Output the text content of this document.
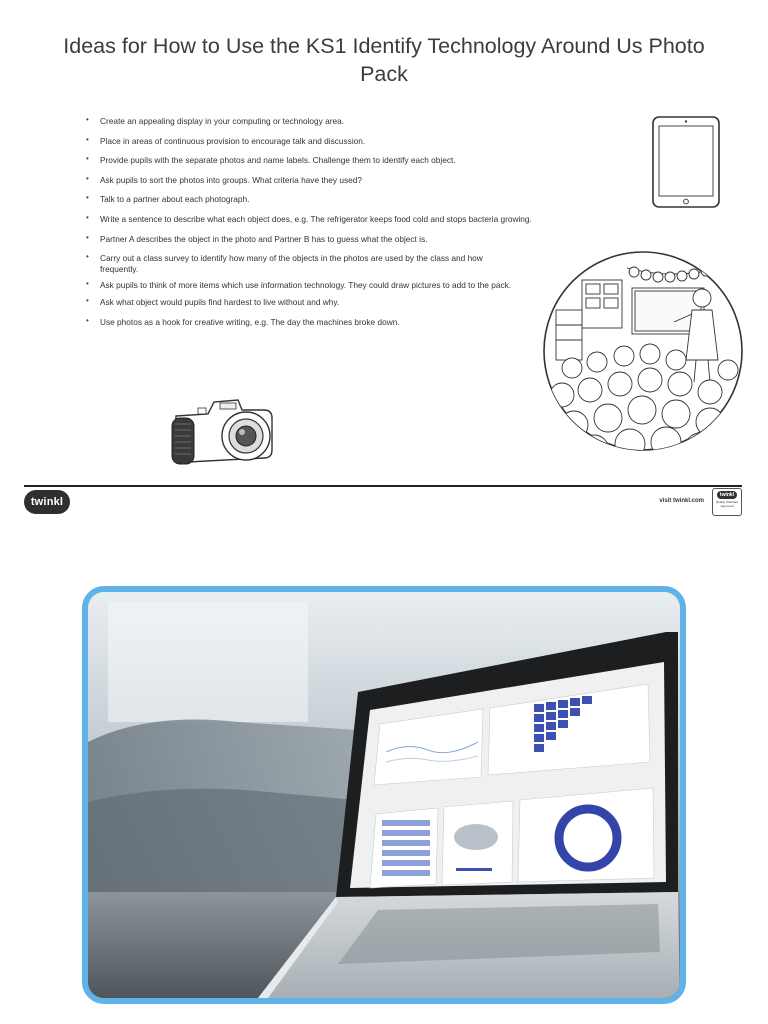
Ideas for How to Use the KS1 Identify Technology Around Us Photo Pack
• Create an appealing display in your computing or technology area.
• Place in areas of continuous provision to encourage talk and discussion.
• Provide pupils with the separate photos and name labels. Challenge them to identify each object.
• Ask pupils to sort the photos into groups. What criteria have they used?
• Talk to a partner about each photograph.
• Write a sentence to describe what each object does, e.g. The refrigerator keeps food cold and stops bacteria growing.
• Partner A describes the object in the photo and Partner B has to guess what the object is.
• Carry out a class survey to identify how many of the objects in the photos are used by the class and how frequently.
• Ask pupils to think of more items which use information technology. They could draw pictures to add to the pack.
• Ask what object would pupils find hardest to live without and why.
• Use photos as a hook for creative writing, e.g. The day the machines broke down.
twinkl	visit twinkl.com
twinkl
Quality Standard Approved
